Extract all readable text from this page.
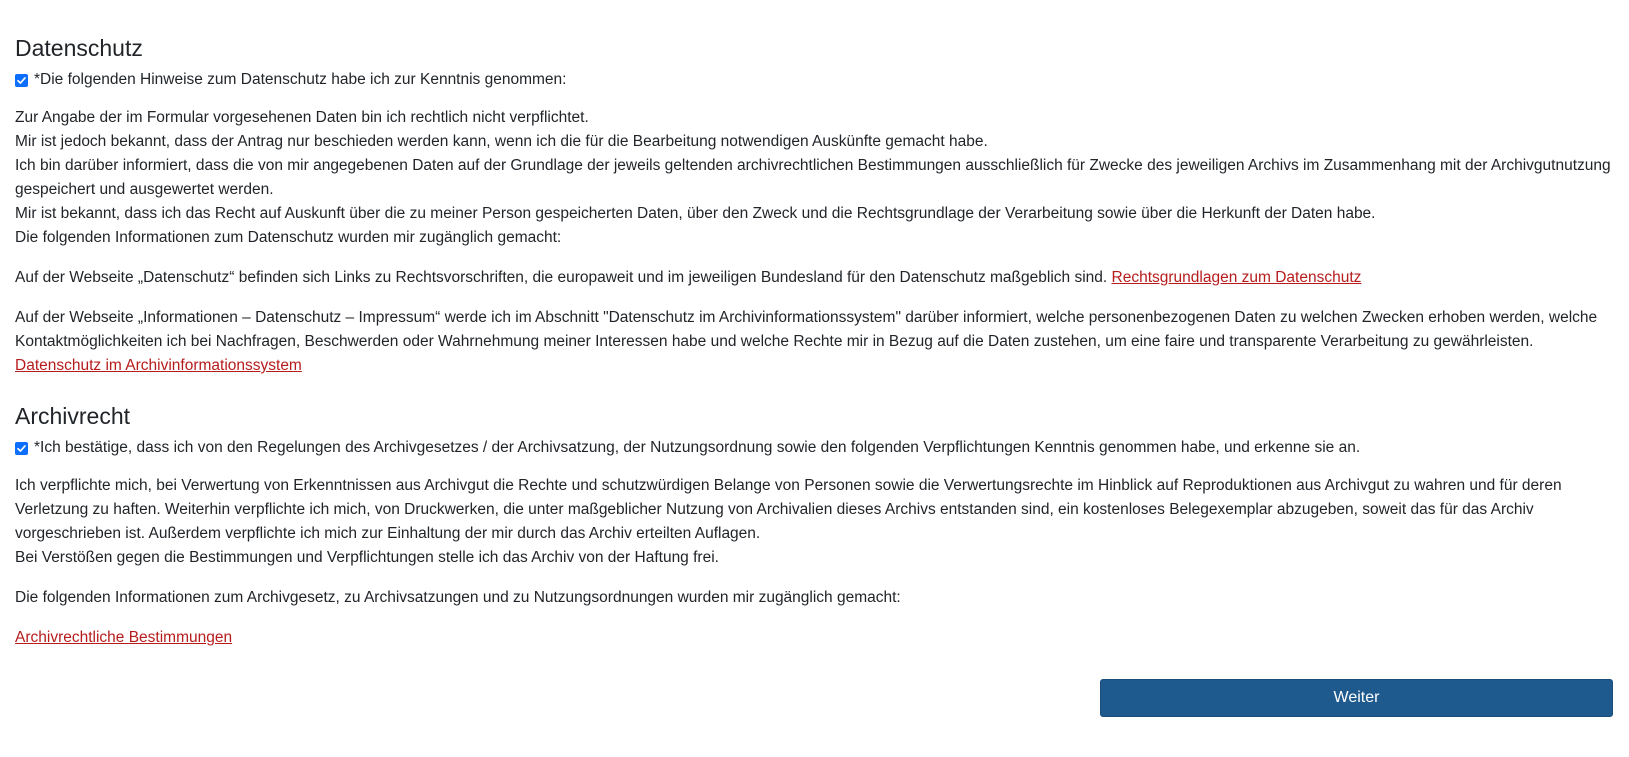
Datenschutz
*Die folgenden Hinweise zum Datenschutz habe ich zur Kenntnis genommen:

Zur Angabe der im Formular vorgesehenen Daten bin ich rechtlich nicht verpflichtet.
Mir ist jedoch bekannt, dass der Antrag nur beschieden werden kann, wenn ich die für die Bearbeitung notwendigen Auskünfte gemacht habe.
Ich bin darüber informiert, dass die von mir angegebenen Daten auf der Grundlage der jeweils geltenden archivrechtlichen Bestimmungen ausschließlich für Zwecke des jeweiligen Archivs im Zusammenhang mit der Archivgutnutzung gespeichert und ausgewertet werden.
Mir ist bekannt, dass ich das Recht auf Auskunft über die zu meiner Person gespeicherten Daten, über den Zweck und die Rechtsgrundlage der Verarbeitung sowie über die Herkunft der Daten habe.
Die folgenden Informationen zum Datenschutz wurden mir zugänglich gemacht:

Auf der Webseite „Datenschutz“ befinden sich Links zu Rechtsvorschriften, die europaweit und im jeweiligen Bundesland für den Datenschutz maßgeblich sind. Rechtsgrundlagen zum Datenschutz

Auf der Webseite „Informationen – Datenschutz – Impressum“ werde ich im Abschnitt "Datenschutz im Archivinformationssystem" darüber informiert, welche personenbezogenen Daten zu welchen Zwecken erhoben werden, welche Kontaktmöglichkeiten ich bei Nachfragen, Beschwerden oder Wahrnehmung meiner Interessen habe und welche Rechte mir in Bezug auf die Daten zustehen, um eine faire und transparente Verarbeitung zu gewährleisten. Datenschutz im Archivinformationssystem

Archivrecht
*Ich bestätige, dass ich von den Regelungen des Archivgesetzes / der Archivsatzung, der Nutzungsordnung sowie den folgenden Verpflichtungen Kenntnis genommen habe, und erkenne sie an.

Ich verpflichte mich, bei Verwertung von Erkenntnissen aus Archivgut die Rechte und schutzwürdigen Belange von Personen sowie die Verwertungsrechte im Hinblick auf Reproduktionen aus Archivgut zu wahren und für deren Verletzung zu haften. Weiterhin verpflichte ich mich, von Druckwerken, die unter maßgeblicher Nutzung von Archivalien dieses Archivs entstanden sind, ein kostenloses Belegexemplar abzugeben, soweit das für das Archiv vorgeschrieben ist. Außerdem verpflichte ich mich zur Einhaltung der mir durch das Archiv erteilten Auflagen.
Bei Verstößen gegen die Bestimmungen und Verpflichtungen stelle ich das Archiv von der Haftung frei.

Die folgenden Informationen zum Archivgesetz, zu Archivsatzungen und zu Nutzungsordnungen wurden mir zugänglich gemacht:

Archivrechtliche Bestimmungen

Weiter
